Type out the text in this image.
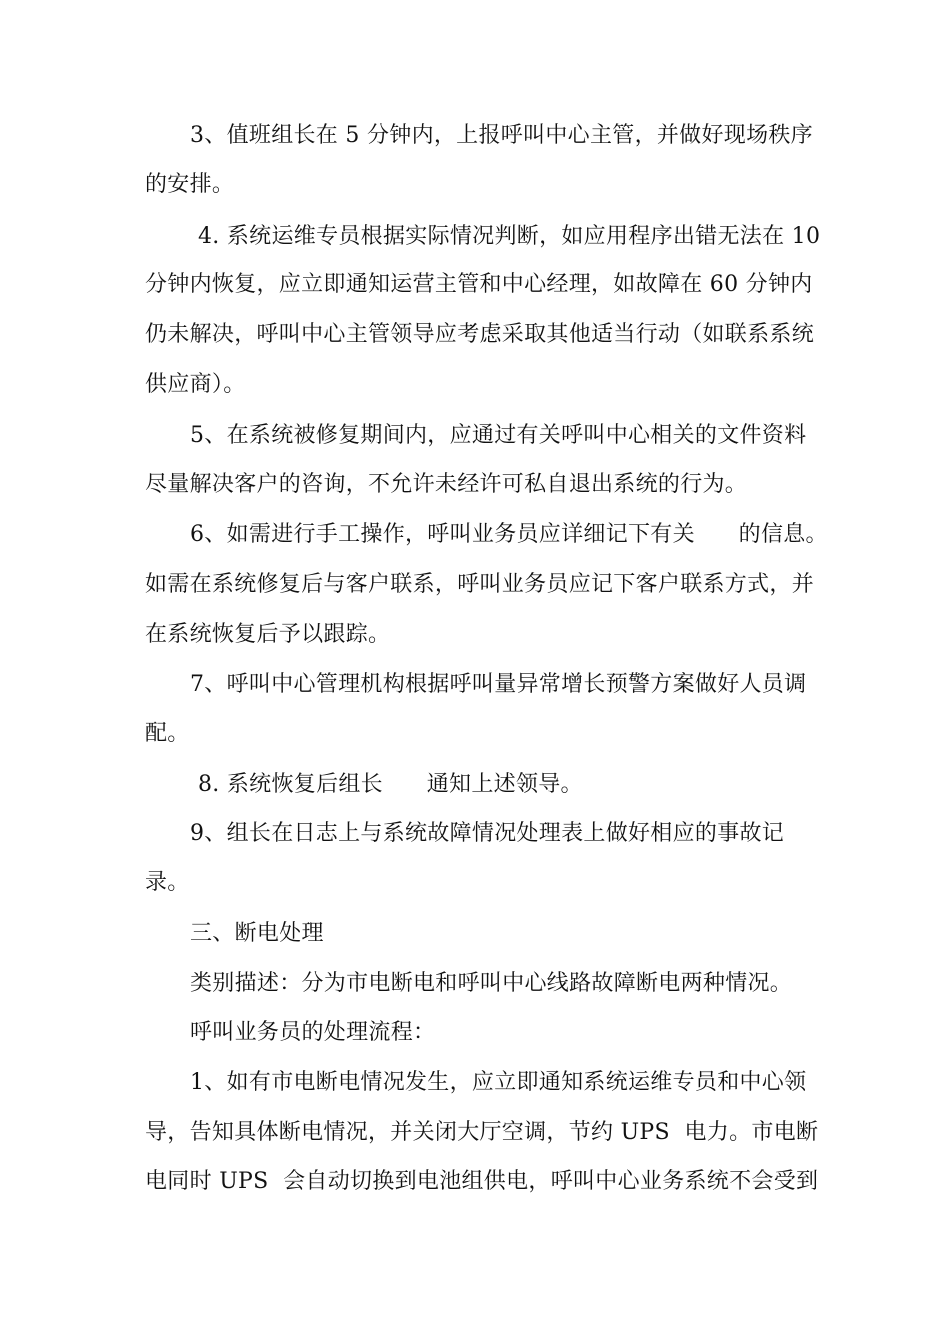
3、值班组长在 5 分钟内，上报呼叫中心主管，并做好现场秩序
的安排。
4. 系统运维专员根据实际情况判断，如应用程序出错无法在 10
分钟内恢复，应立即通知运营主管和中心经理，如故障在 60 分钟内
仍未解决，呼叫中心主管领导应考虑采取其他适当行动（如联系系统
供应商）。
5、在系统被修复期间内，应通过有关呼叫中心相关的文件资料
尽量解决客户的咨询，不允许未经许可私自退出系统的行为。
6、如需进行手工操作，呼叫业务员应详细记下有关      的信息。
如需在系统修复后与客户联系，呼叫业务员应记下客户联系方式，并
在系统恢复后予以跟踪。
7、呼叫中心管理机构根据呼叫量异常增长预警方案做好人员调
配。
8. 系统恢复后组长      通知上述领导。
9、组长在日志上与系统故障情况处理表上做好相应的事故记
录。
三、断电处理
类别描述：分为市电断电和呼叫中心线路故障断电两种情况。
呼叫业务员的处理流程：
1、如有市电断电情况发生，应立即通知系统运维专员和中心领
导，告知具体断电情况，并关闭大厅空调，节约 UPS  电力。市电断
电同时 UPS  会自动切换到电池组供电，呼叫中心业务系统不会受到
